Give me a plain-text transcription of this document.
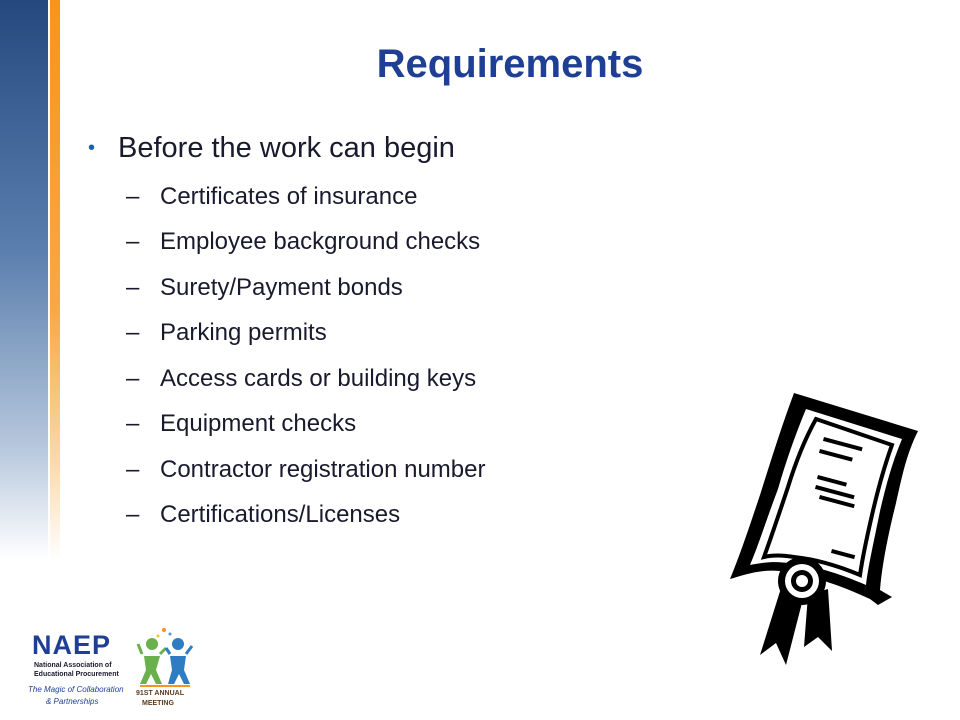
Requirements
• Before the work can begin
– Certificates of insurance
– Employee background checks
– Surety/Payment bonds
– Parking permits
– Access cards or building keys
– Equipment checks
– Contractor registration number
– Certifications/Licenses
NAEP
National Association of
Educational Procurement
The Magic of Collaboration
& Partnerships
91ST ANNUAL
MEETING
